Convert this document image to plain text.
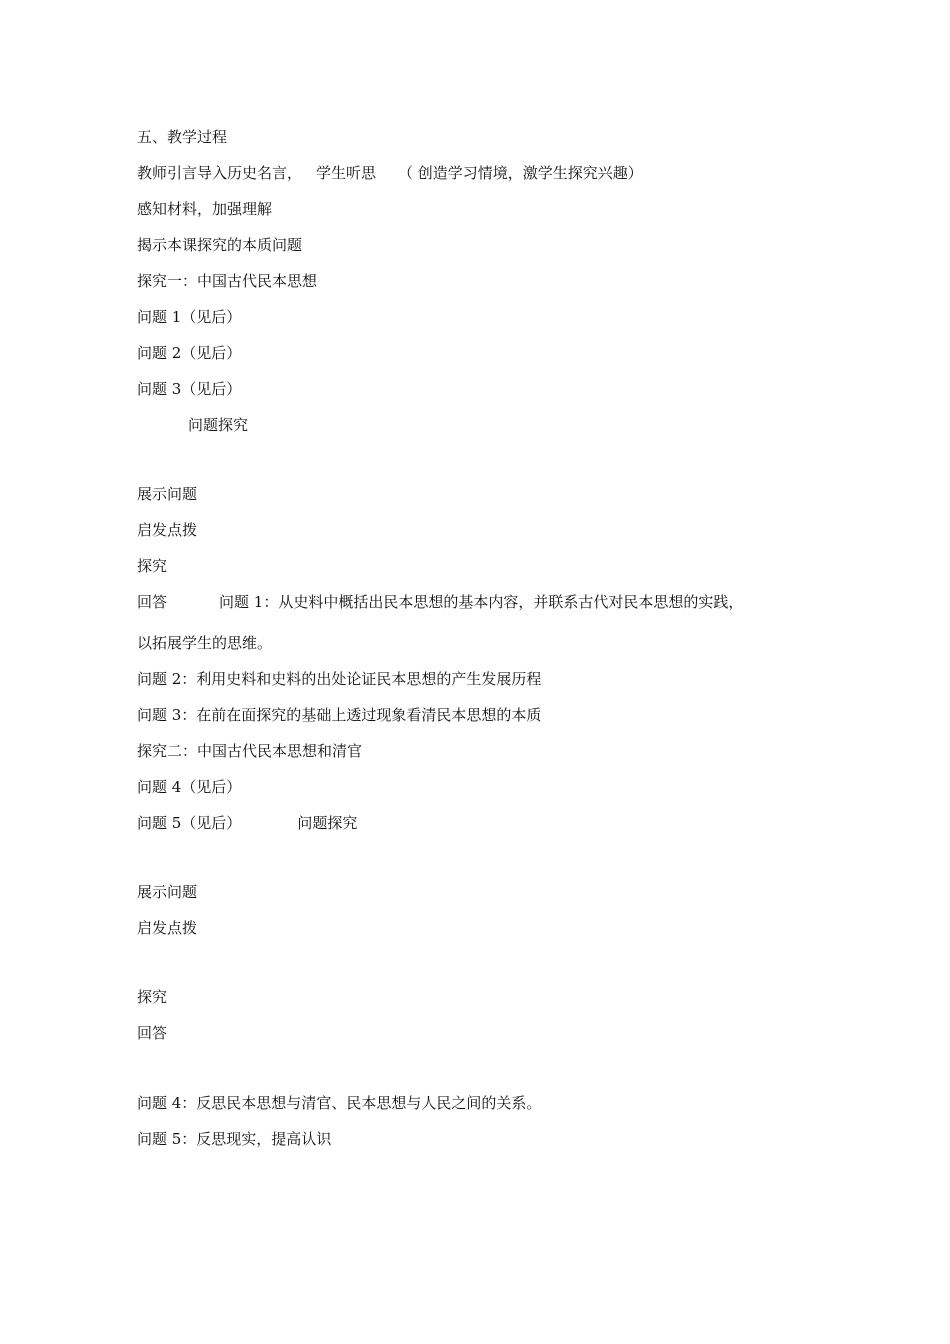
五、教学过程
教师引言导入历史名言， 学生听思 （ 创造学习情境，激学生探究兴趣）
感知材料，加强理解
揭示本课探究的本质问题
探究一：中国古代民本思想
问题 1（见后）
问题 2（见后）
问题 3（见后）
问题探究
展示问题
启发点拨
探究
回答	问题 1：从史料中概括出民本思想的基本内容，并联系古代对民本思想的实践，
以拓展学生的思维。
问题 2：利用史料和史料的出处论证民本思想的产生发展历程
问题 3：在前在面探究的基础上透过现象看清民本思想的本质
探究二：中国古代民本思想和清官
问题 4（见后）
问题 5（见后）	问题探究
展示问题
启发点拨
探究
回答
问题 4：反思民本思想与清官、民本思想与人民之间的关系。
问题 5：反思现实，提高认识
